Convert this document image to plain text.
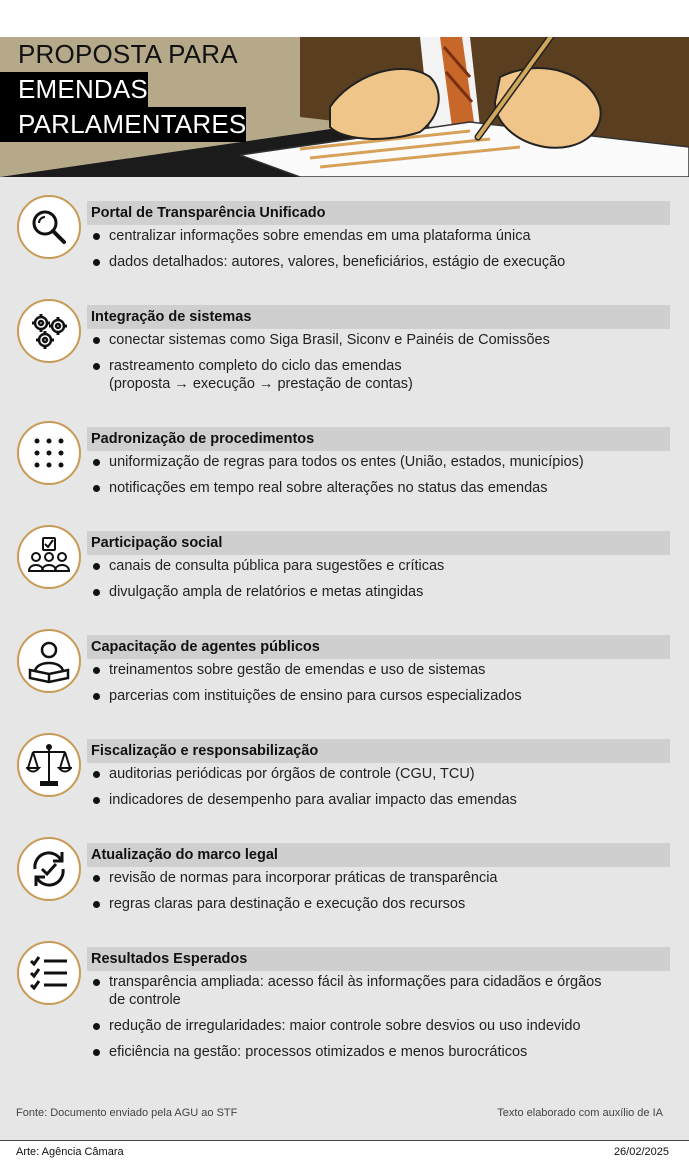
PROPOSTA PARA
EMENDAS
PARLAMENTARES
Portal de Transparência Unificado
centralizar informações sobre emendas em uma plataforma única
dados detalhados: autores, valores, beneficiários, estágio de execução
Integração de sistemas
conectar sistemas como Siga Brasil, Siconv e Painéis de Comissões
rastreamento completo do ciclo das emendas
(proposta → execução → prestação de contas)
Padronização de procedimentos
uniformização de regras para todos os entes (União, estados, municípios)
notificações em tempo real sobre alterações no status das emendas
Participação social
canais de consulta pública para sugestões e críticas
divulgação ampla de relatórios e metas atingidas
Capacitação de agentes públicos
treinamentos sobre gestão de emendas e uso de sistemas
parcerias com instituições de ensino para cursos especializados
Fiscalização e responsabilização
auditorias periódicas por órgãos de controle (CGU, TCU)
indicadores de desempenho para avaliar impacto das emendas
Atualização do marco legal
revisão de normas para incorporar práticas de transparência
regras claras para destinação e execução dos recursos
Resultados Esperados
transparência ampliada: acesso fácil às informações para cidadãos e órgãos
de controle
redução de irregularidades: maior controle sobre desvios ou uso indevido
eficiência na gestão: processos otimizados e menos burocráticos
Fonte: Documento enviado pela AGU ao STF	Texto elaborado com auxílio de IA
Arte: Agência Câmara	26/02/2025
